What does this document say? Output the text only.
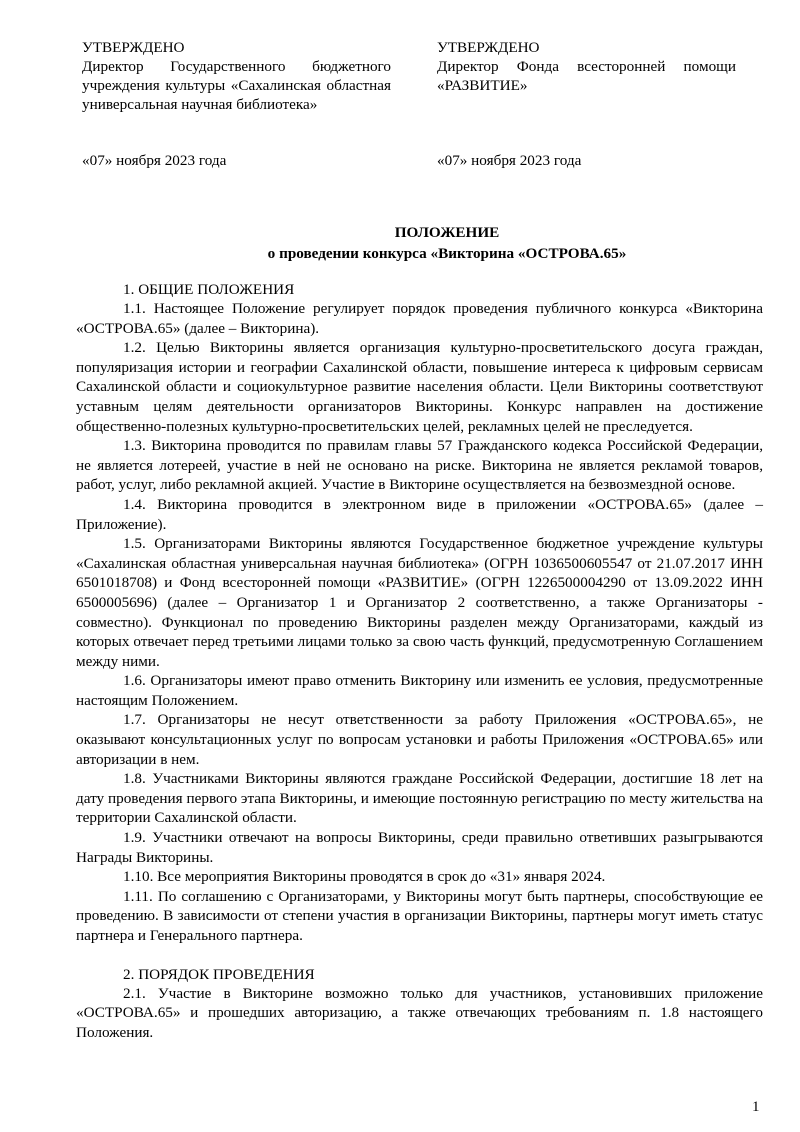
УТВЕРЖДЕНО

Директор Государственного бюджетного учреждения культуры «Сахалинская областная универсальная научная библиотека»

«07» ноября 2023 года

УТВЕРЖДЕНО

Директор Фонда всесторонней помощи «РАЗВИТИЕ»

«07» ноября 2023 года
ПОЛОЖЕНИЕ
о проведении конкурса «Викторина «ОСТРОВА.65»

1. ОБЩИЕ ПОЛОЖЕНИЯ

1.1. Настоящее Положение регулирует порядок проведения публичного конкурса «Викторина «ОСТРОВА.65» (далее – Викторина).

1.2. Целью Викторины является организация культурно-просветительского досуга граждан, популяризация истории и географии Сахалинской области, повышение интереса к цифровым сервисам Сахалинской области и социокультурное развитие населения области. Цели Викторины соответствуют уставным целям деятельности организаторов Викторины. Конкурс направлен на достижение общественно-полезных культурно-просветительских целей, рекламных целей не преследуется.

1.3. Викторина проводится по правилам главы 57 Гражданского кодекса Российской Федерации, не является лотереей, участие в ней не основано на риске. Викторина не является рекламой товаров, работ, услуг, либо рекламной акцией. Участие в Викторине осуществляется на безвозмездной основе.

1.4. Викторина проводится в электронном виде в приложении «ОСТРОВА.65» (далее – Приложение).

1.5. Организаторами Викторины являются Государственное бюджетное учреждение культуры «Сахалинская областная универсальная научная библиотека» (ОГРН 1036500605547 от 21.07.2017 ИНН 6501018708) и Фонд всесторонней помощи «РАЗВИТИЕ» (ОГРН 1226500004290 от 13.09.2022 ИНН 6500005696) (далее – Организатор 1 и Организатор 2 соответственно, а также Организаторы - совместно). Функционал по проведению Викторины разделен между Организаторами, каждый из которых отвечает перед третьими лицами только за свою часть функций, предусмотренную Соглашением между ними.

1.6. Организаторы имеют право отменить Викторину или изменить ее условия, предусмотренные настоящим Положением.

1.7. Организаторы не несут ответственности за работу Приложения «ОСТРОВА.65», не оказывают консультационных услуг по вопросам установки и работы Приложения «ОСТРОВА.65» или авторизации в нем.

1.8. Участниками Викторины являются граждане Российской Федерации, достигшие 18 лет на дату проведения первого этапа Викторины, и имеющие постоянную регистрацию по месту жительства на территории Сахалинской области.

1.9. Участники отвечают на вопросы Викторины, среди правильно ответивших разыгрываются Награды Викторины.

1.10. Все мероприятия Викторины проводятся в срок до «31» января 2024.

1.11. По соглашению с Организаторами, у Викторины могут быть партнеры, способствующие ее проведению. В зависимости от степени участия в организации Викторины, партнеры могут иметь статус партнера и Генерального партнера.

2. ПОРЯДОК ПРОВЕДЕНИЯ

2.1. Участие в Викторине возможно только для участников, установивших приложение «ОСТРОВА.65» и прошедших авторизацию, а также отвечающих требованиям п. 1.8 настоящего Положения.

1
